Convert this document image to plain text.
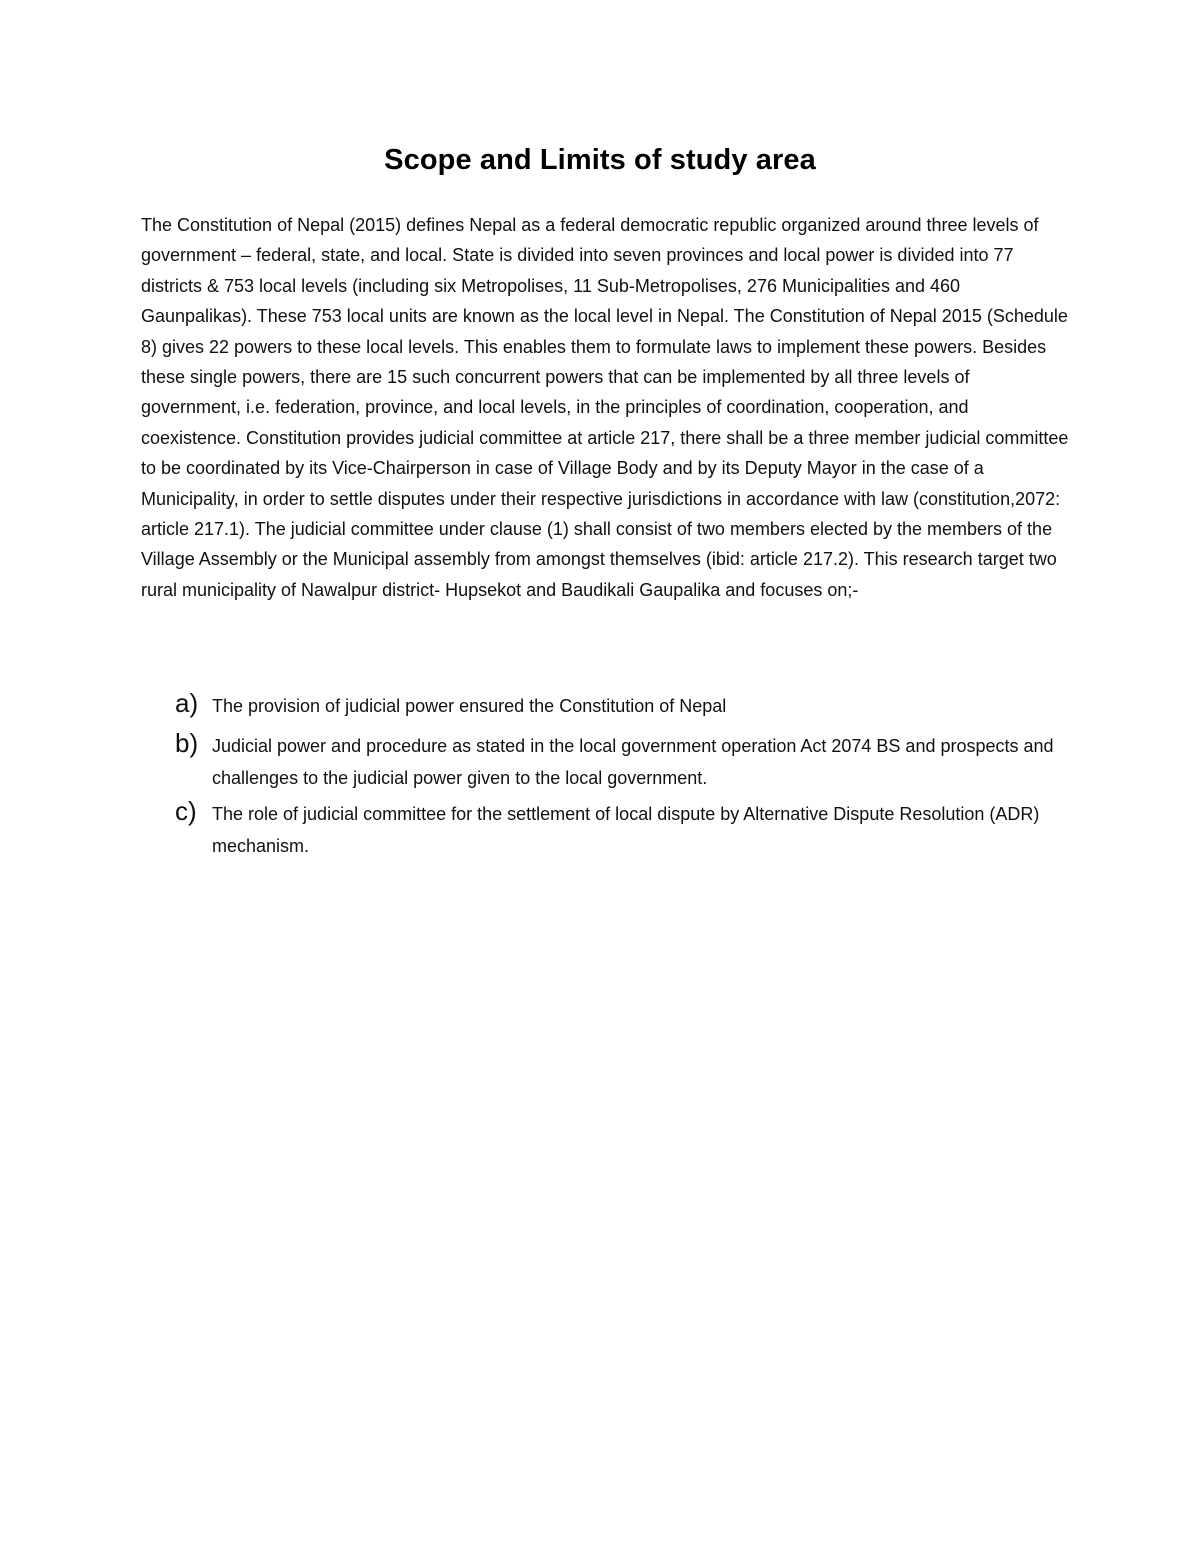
Scope and Limits of study area

The Constitution of Nepal (2015) defines Nepal as a federal democratic republic organized around three levels of government – federal, state, and local. State is divided into seven provinces and local power is divided into 77 districts & 753 local levels (including six Metropolises, 11 Sub-Metropolises, 276 Municipalities and 460 Gaunpalikas). These 753 local units are known as the local level in Nepal. The Constitution of Nepal 2015 (Schedule 8) gives 22 powers to these local levels. This enables them to formulate laws to implement these powers. Besides these single powers, there are 15 such concurrent powers that can be implemented by all three levels of government, i.e. federation, province, and local levels, in the principles of coordination, cooperation, and coexistence. Constitution provides judicial committee at article 217, there shall be a three member judicial committee to be coordinated by its Vice-Chairperson in case of Village Body and by its Deputy Mayor in the case of a Municipality, in order to settle disputes under their respective jurisdictions in accordance with law (constitution,2072: article 217.1). The judicial committee under clause (1) shall consist of two members elected by the members of the Village Assembly or the Municipal assembly from amongst themselves (ibid: article 217.2). This research target two rural municipality of Nawalpur district- Hupsekot and Baudikali Gaupalika and focuses on;-

a) The provision of judicial power ensured the Constitution of Nepal
b) Judicial power and procedure as stated in the local government operation Act 2074 BS and prospects and challenges to the judicial power given to the local government.
c) The role of judicial committee for the settlement of local dispute by Alternative Dispute Resolution (ADR) mechanism.
